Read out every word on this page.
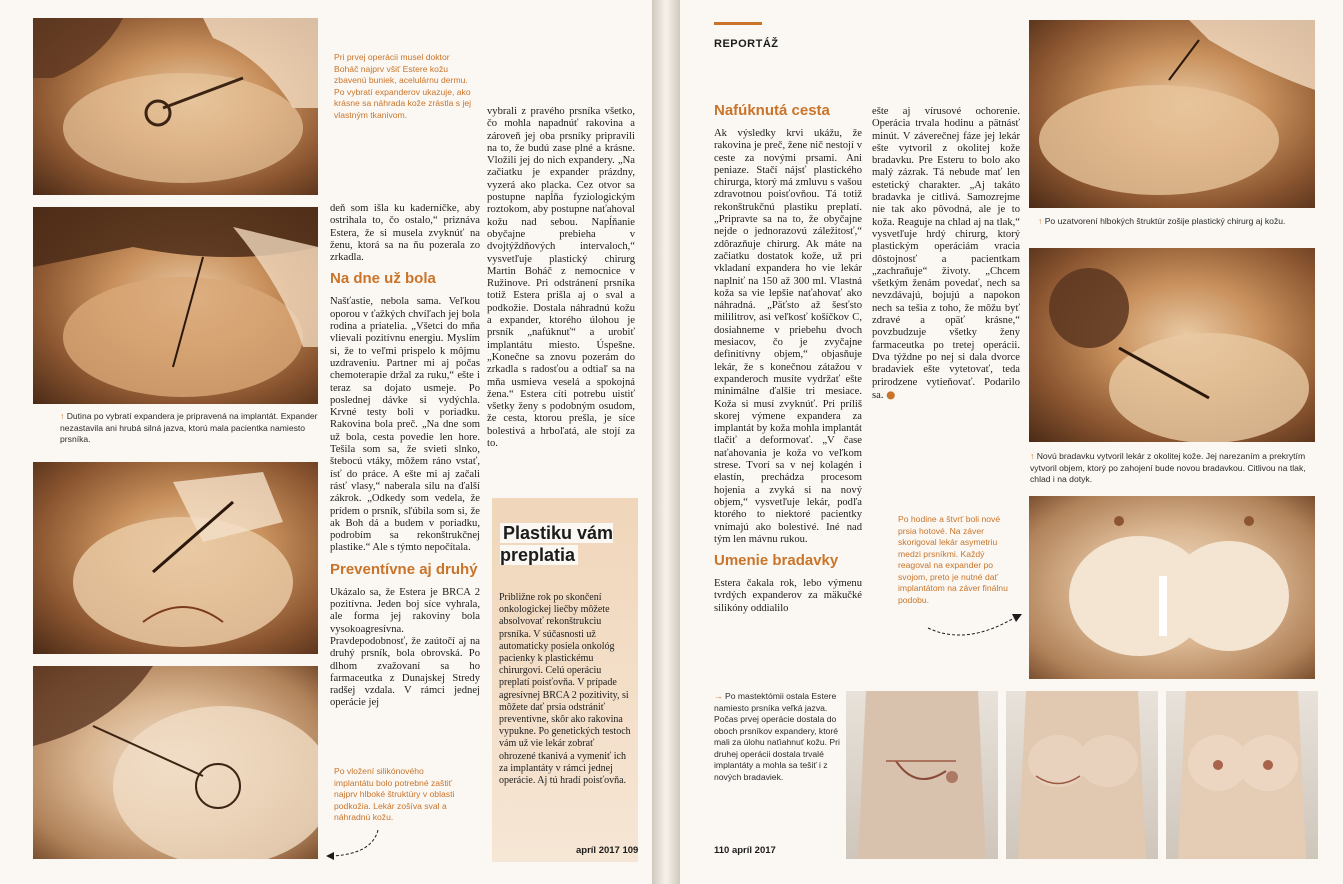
Pri prvej operácii musel doktor Boháč najprv všiť Estere kožu zbavenú buniek, acelulárnu dermu. Po vybratí expanderov ukazuje, ako krásne sa náhrada kože zrástla s jej vlastným tkanivom.
↑ Dutina po vybratí expandera je pripravená na implantát. Expander nezastavila ani hrubá silná jazva, ktorú mala pacientka namiesto prsníka.
Po vložení silikónového implantátu bolo potrebné zaštiť najprv hlboké štruktúry v oblasti podkožia. Lekár zošíva sval a náhradnú kožu.

deň som išla ku kaderníčke, aby ostrihala to, čo ostalo,“ priznáva Estera, že si musela zvyknúť na ženu, ktorá sa na ňu pozerala zo zrkadla.

Na dne už bola

Našťastie, nebola sama. Veľkou oporou v ťažkých chvíľach jej bola rodina a priatelia. „Všetci do mňa vlievali pozitívnu energiu. Myslím si, že to veľmi prispelo k môjmu uzdraveniu. Partner mi aj počas chemoterapie držal za ruku,“ ešte i teraz sa dojato usmeje. Po poslednej dávke si vydýchla. Krvné testy boli v poriadku. Rakovina bola preč. „Na dne som už bola, cesta povedie len hore. Tešila som sa, že svieti slnko, štebocú vtáky, môžem ráno vstať, ísť do práce. A ešte mi aj začali rásť vlasy,“ naberala silu na ďalší zákrok. „Odkedy som vedela, že prídem o prsník, sľúbila som si, že ak Boh dá a budem v poriadku, podrobím sa rekonštrukčnej plastike.“ Ale s týmto nepočítala.

Preventívne aj druhý

Ukázalo sa, že Estera je BRCA 2 pozitívna. Jeden boj síce vyhrala, ale forma jej rakoviny bola vysokoagresívna. Pravdepodobnosť, že zaútočí aj na druhý prsník, bola obrovská. Po dlhom zvažovaní sa ho farmaceutka z Dunajskej Stredy radšej vzdala. V rámci jednej operácie jej

vybrali z pravého prsníka všetko, čo mohla napadnúť rakovina a zároveň jej oba prsníky pripravili na to, že budú zase plné a krásne. Vložili jej do nich expandery. „Na začiatku je expander prázdny, vyzerá ako placka. Cez otvor sa postupne napĺňa fyziologickým roztokom, aby postupne naťahoval kožu nad sebou. Napĺňanie obyčajne prebieha v dvojtýždňových intervaloch,“ vysvetľuje plastický chirurg Martin Boháč z nemocnice v Ružinove. Pri odstránení prsníka totiž Estera prišla aj o sval a podkožie. Dostala náhradnú kožu a expander, ktorého úlohou je prsník „nafúknuť“ a urobiť implantátu miesto. Úspešne. „Konečne sa znovu pozerám do zrkadla s radosťou a odtiaľ sa na mňa usmieva veselá a spokojná žena.“ Estera cíti potrebu uistiť všetky ženy s podobným osudom, že cesta, ktorou prešla, je síce bolestivá a hrboľatá, ale stojí za to.

Plastiku vám preplatia
Približne rok po skončení onkologickej liečby môžete absolvovať rekonštrukciu prsníka. V súčasnosti už automaticky posiela onkológ pacienky k plastickému chirurgovi. Celú operáciu preplatí poisťovňa. V prípade agresívnej BRCA 2 pozitivity, si môžete dať prsia odstrániť preventívne, skôr ako rakovina vypukne. Po genetických testoch vám už vie lekár zobrať ohrozené tkanivá a vymeniť ich za implantáty v rámci jednej operácie. Aj tú hradí poisťovňa.
apríl 2017 109
REPORTÁŽ
Nafúknutá cesta

Ak výsledky krvi ukážu, že rakovina je preč, žene nič nestojí v ceste za novými prsami. Ani peniaze. Stačí nájsť plastického chirurga, ktorý má zmluvu s vašou zdravotnou poisťovňou. Tá totiž rekonštrukčnú plastiku preplatí. „Pripravte sa na to, že obyčajne nejde o jednorazovú záležitosť,“ zdôrazňuje chirurg. Ak máte na začiatku dostatok kože, už pri vkladaní expandera ho vie lekár naplniť na 150 až 300 ml. Vlastná koža sa vie lepšie naťahovať ako náhradná. „Päťsto až šesťsto mililitrov, asi veľkosť košíčkov C, dosiahneme v priebehu dvoch mesiacov, čo je zvyčajne definitívny objem,“ objasňuje lekár, že s konečnou zátažou v expanderoch musíte vydržať ešte minimálne ďalšie tri mesiace. Koža si musí zvyknúť. Pri príliš skorej výmene expandera za implantát by koža mohla implantát tlačiť a deformovať. „V čase naťahovania je koža vo veľkom strese. Tvorí sa v nej kolagén i elastín, prechádza procesom hojenia a zvyká si na nový objem,“ vysvetľuje lekár, podľa ktorého to niektoré pacientky vnímajú ako bolestivé. Iné nad tým len mávnu rukou.

Umenie bradavky

Estera čakala rok, lebo výmenu tvrdých expanderov za mäkučké silikóny oddialilo

ešte aj vírusové ochorenie. Operácia trvala hodinu a pätnásť minút. V záverečnej fáze jej lekár ešte vytvoril z okolitej kože bradavku. Pre Esteru to bolo ako malý zázrak. Tá nebude mať len estetický charakter. „Aj takáto bradavka je citlivá. Samozrejme nie tak ako pôvodná, ale je to koža. Reaguje na chlad aj na tlak,“ vysvetľuje hrdý chirurg, ktorý plastickým operáciám vracia dôstojnosť a pacientkam „zachraňuje“ životy. „Chcem všetkým ženám povedať, nech sa nevzdávajú, bojujú a napokon nech sa tešia z toho, že môžu byť zdravé a opäť krásne,“ povzbudzuje všetky ženy farmaceutka po tretej operácii. Dva týždne po nej si dala dvorce bradaviek ešte vytetovať, teda prirodzene vytieňovať. Podarilo sa. ●

↑ Po uzatvorení hlbokých štruktúr zošije plastický chirurg aj kožu.
↑ Novú bradavku vytvoril lekár z okolitej kože. Jej narezaním a prekrytím vytvoril objem, ktorý po zahojení bude novou bradavkou. Citlivou na tlak, chlad i na dotyk.
Po hodine a štvrť boli nové prsia hotové. Na záver skorigoval lekár asymetriu medzi prsníkmi. Každý reagoval na expander po svojom, preto je nutné dať implantátom na záver finálnu podobu.
→ Po mastektómii ostala Estere namiesto prsníka veľká jazva. Počas prvej operácie dostala do oboch prsníkov expandery, ktoré mali za úlohu naťiahnuť kožu. Pri druhej operácii dostala trvalé implantáty a mohla sa tešiť i z nových bradaviek.
110 apríl 2017
